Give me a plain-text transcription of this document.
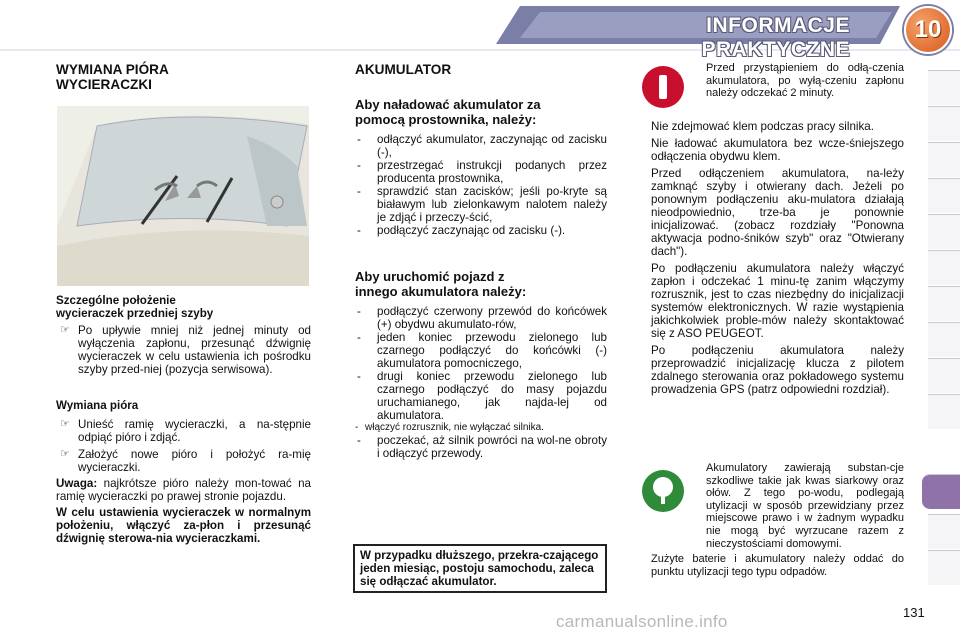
INFORMACJE PRAKTYCZNE
10
WYMIANA PIÓRA
WYCIERACZKI

Szczególne położenie

wycieraczek przedniej szyby

☞ Po upływie mniej niż jednej minuty od wyłączenia zapłonu, przesunąć dźwignię wycieraczek w celu ustawienia ich pośrodku szyby przed-niej (pozycja serwisowa).

Wymiana pióra

☞ Unieść ramię wycieraczki, a na-stępnie odpiąć pióro i zdjąć.
☞ Założyć nowe pióro i położyć ra-mię wycieraczki.

Uwaga: najkrótsze pióro należy mon-tować na ramię wycieraczki po prawej stronie pojazdu.

W celu ustawienia wycieraczek w normalnym położeniu, włączyć za-płon i przesunąć dźwignię sterowa-nia wycieraczkami.

AKUMULATOR
Aby naładować akumulator za
pomocą prostownika, należy:
- odłączyć akumulator, zaczynając od zacisku (-),
- przestrzegać instrukcji podanych przez producenta prostownika,
- sprawdzić stan zacisków; jeśli po-kryte są białawym lub zielonkawym nalotem należy je zdjąć i przeczy-ścić,
- podłączyć zaczynając od zacisku (-).
Aby uruchomić pojazd z
innego akumulatora należy:
- podłączyć czerwony przewód do końcówek (+) obydwu akumulato-rów,
- jeden koniec przewodu zielonego lub czarnego podłączyć do końcówki (-) akumulatora pomocniczego,
- drugi koniec przewodu zielonego lub czarnego podłączyć do masy pojazdu uruchamianego, jak najda-lej od akumulatora.
- włączyć rozrusznik, nie wyłączać silnika.
- poczekać, aż silnik powróci na wol-ne obroty i odłączyć przewody.
W przypadku dłuższego, przekra-czającego jeden miesiąc, postoju samochodu, zaleca się odłączać akumulator.
Przed przystąpieniem do odłą-czenia akumulatora, po wyłą-czeniu zapłonu należy odczekać 2 minuty.

Nie zdejmować klem podczas pracy silnika.

Nie ładować akumulatora bez wcze-śniejszego odłączenia obydwu klem.

Przed odłączeniem akumulatora, na-leży zamknąć szyby i otwierany dach. Jeżeli po ponownym podłączeniu aku-mulatora działają nieodpowiednio, trze-ba je ponownie inicjalizować. (zobacz rozdziały "Ponowna aktywacja podno-śników szyb" oraz "Otwierany dach").

Po podłączeniu akumulatora należy włączyć zapłon i odczekać 1 minu-tę zanim włączymy rozrusznik, jest to czas niezbędny do inicjalizacji systemów elektronicznych. W razie wystąpienia jakichkolwiek proble-mów należy skontaktować się z ASO PEUGEOT.

Po podłączeniu akumulatora należy przeprowadzić inicjalizację klucza z pilotem zdalnego sterowania oraz pokładowego systemu prowadzenia GPS (patrz odpowiedni rozdział).

Akumulatory zawierają substan-cje szkodliwe takie jak kwas siarkowy oraz ołów. Z tego po-wodu, podlegają utylizacji w sposób przewidziany przez miejscowe prawo i w żadnym wypadku nie mogą być wyrzucane razem z nieczystościami domowymi.

Zużyte baterie i akumulatory należy oddać do punktu utylizacji tego typu odpadów.

131
carmanualsonline.info
